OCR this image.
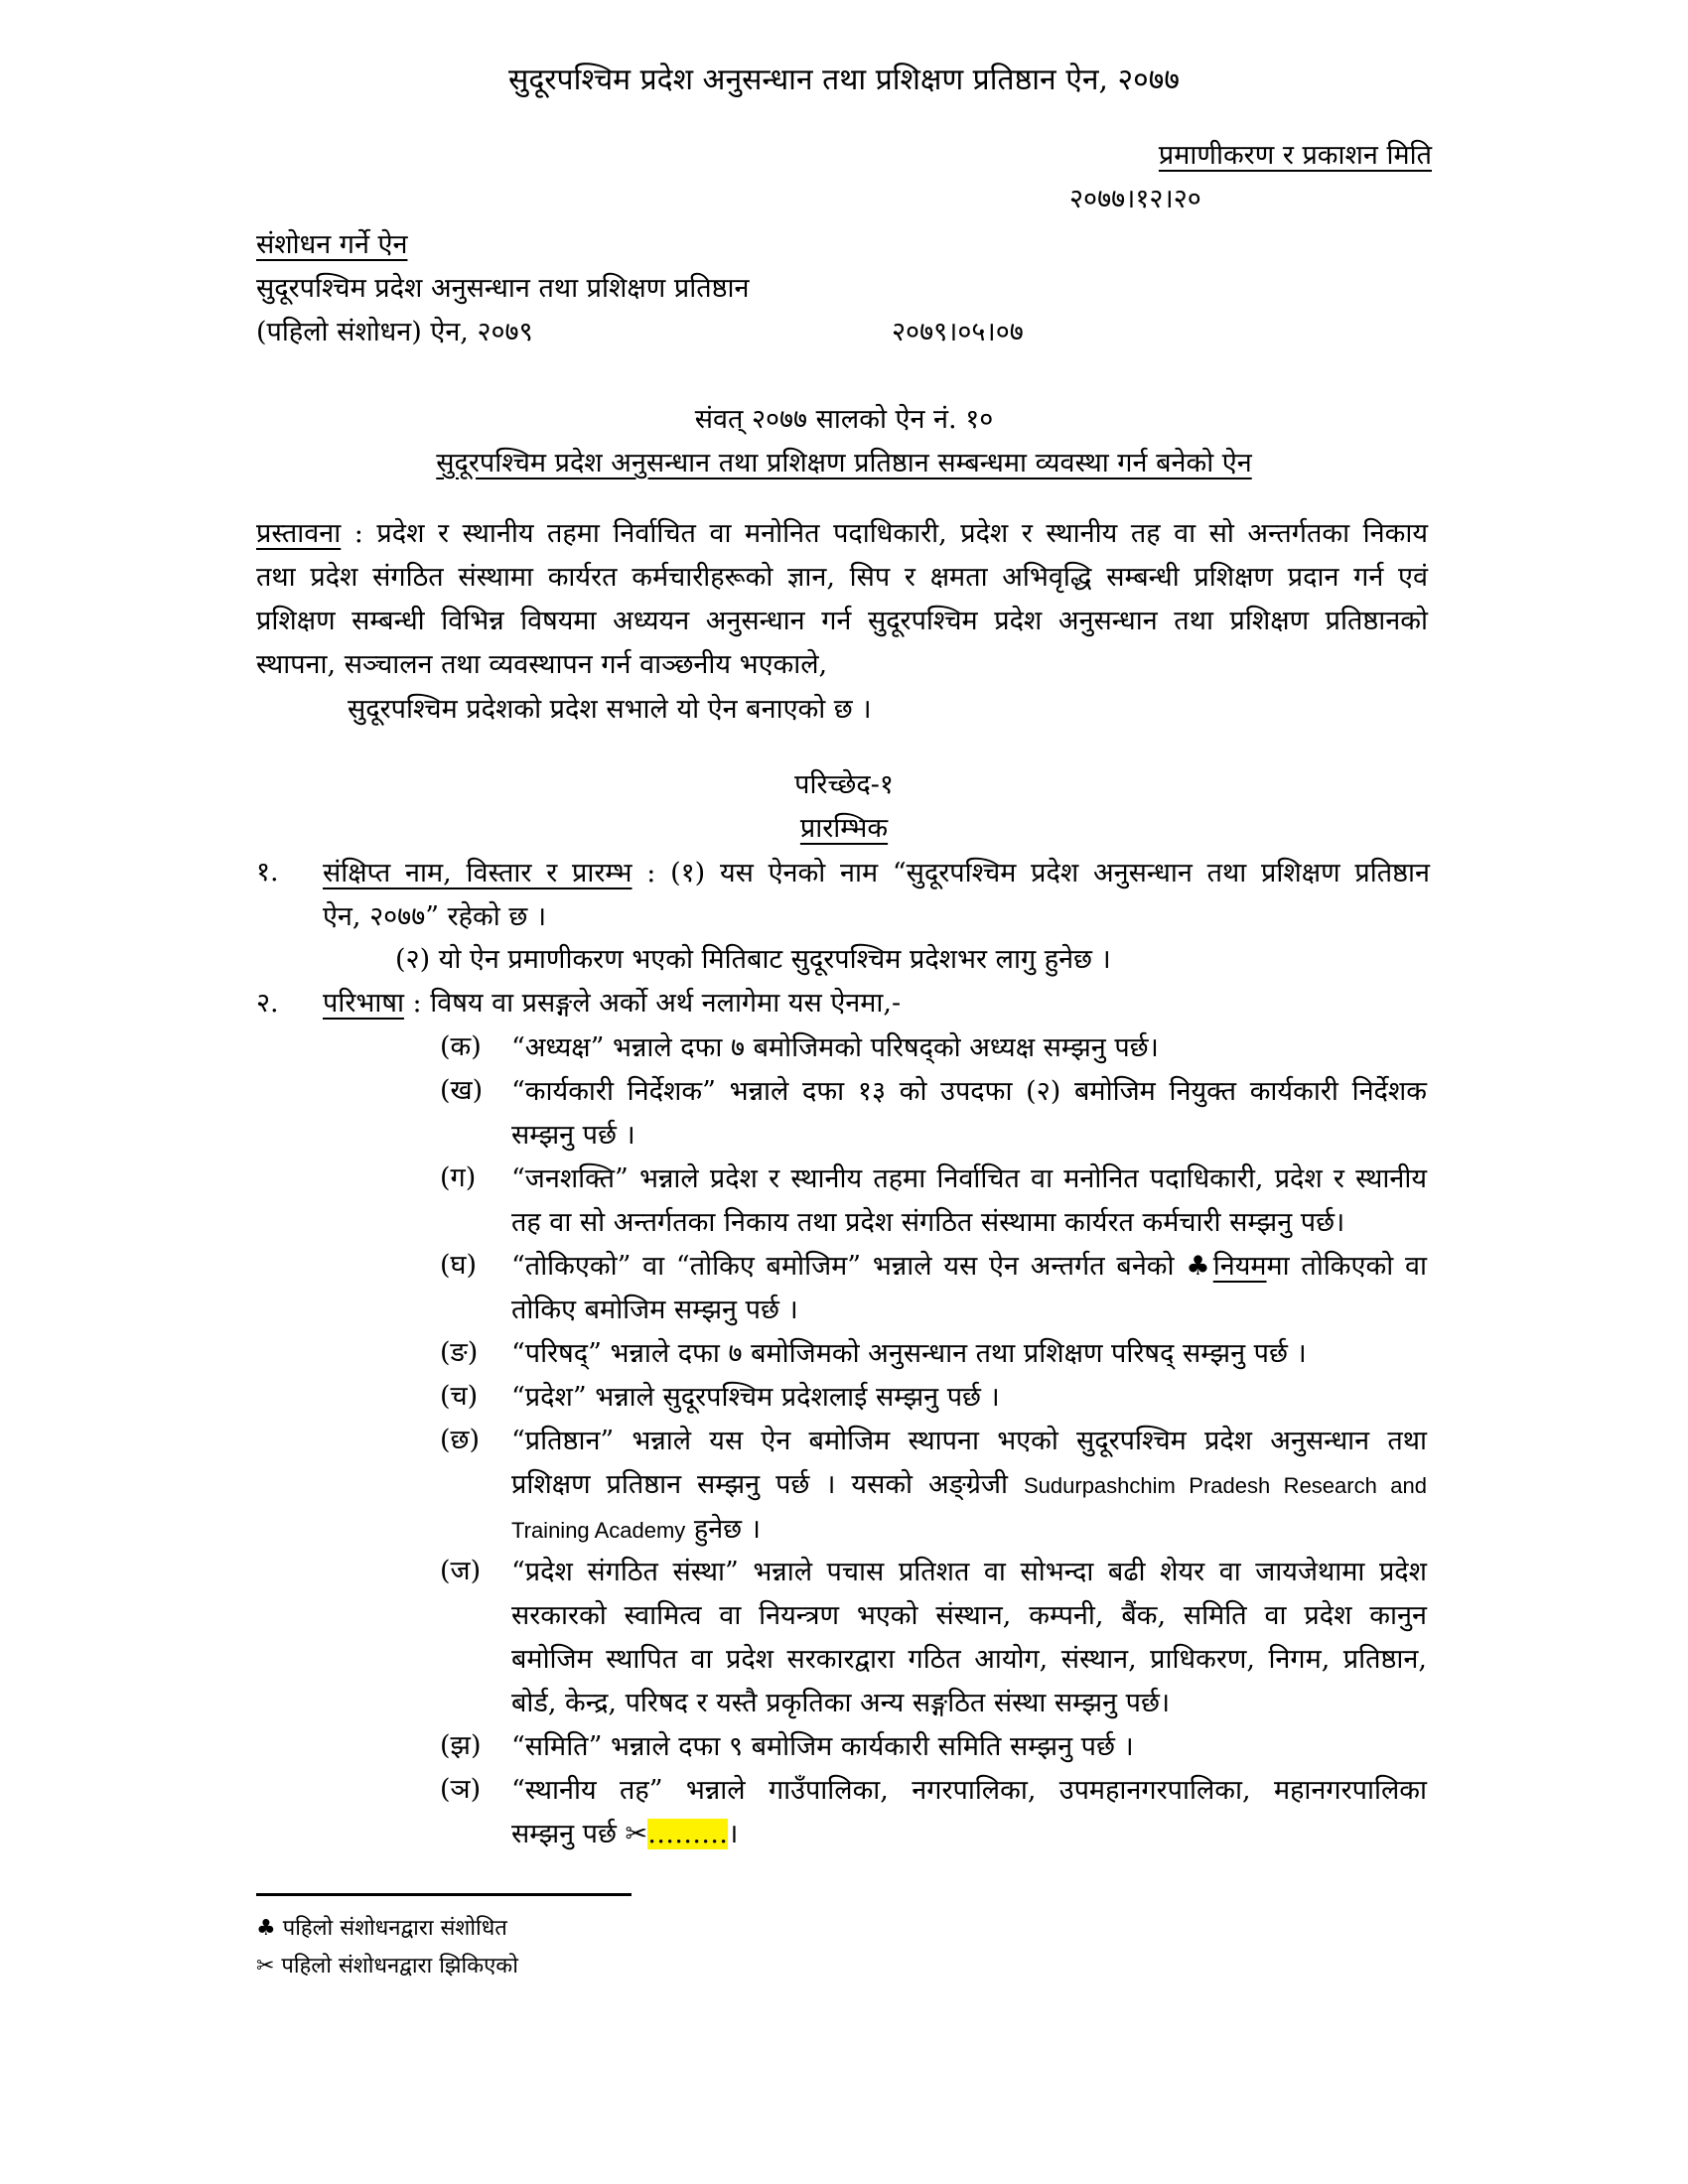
सुदूरपश्चिम प्रदेश अनुसन्धान तथा प्रशिक्षण प्रतिष्ठान ऐन, २०७७
प्रमाणीकरण र प्रकाशन मिति
२०७७।१२।२०
संशोधन गर्ने ऐन
सुदूरपश्चिम प्रदेश अनुसन्धान तथा प्रशिक्षण प्रतिष्ठान
(पहिलो संशोधन) ऐन, २०७९	२०७९।०५।०७
संवत् २०७७ सालको ऐन नं. १०
सुदूरपश्चिम प्रदेश अनुसन्धान तथा प्रशिक्षण प्रतिष्ठान सम्बन्धमा व्यवस्था गर्न बनेको ऐन
प्रस्तावना : प्रदेश र स्थानीय तहमा निर्वाचित वा मनोनित पदाधिकारी, प्रदेश र स्थानीय तह वा सो अन्तर्गतका निकाय
तथा प्रदेश संगठित संस्थामा कार्यरत कर्मचारीहरूको ज्ञान, सिप र क्षमता अभिवृद्धि सम्बन्धी प्रशिक्षण प्रदान गर्न एवं
प्रशिक्षण सम्बन्धी विभिन्न विषयमा अध्ययन अनुसन्धान गर्न सुदूरपश्चिम प्रदेश अनुसन्धान तथा प्रशिक्षण प्रतिष्ठानको
स्थापना, सञ्चालन तथा व्यवस्थापन गर्न वाञ्छनीय भएकाले,
सुदूरपश्चिम प्रदेशको प्रदेश सभाले यो ऐन बनाएको छ ।
परिच्छेद-१
प्रारम्भिक
१. संक्षिप्त नाम, विस्तार र प्रारम्भ : (१) यस ऐनको नाम “सुदूरपश्चिम प्रदेश अनुसन्धान तथा प्रशिक्षण प्रतिष्ठान
ऐन, २०७७” रहेको छ ।
(२) यो ऐन प्रमाणीकरण भएको मितिबाट सुदूरपश्चिम प्रदेशभर लागु हुनेछ ।
२. परिभाषा : विषय वा प्रसङ्गले अर्को अर्थ नलागेमा यस ऐनमा,-
(क) “अध्यक्ष” भन्नाले दफा ७ बमोजिमको परिषद्‌को अध्यक्ष सम्झनु पर्छ।
(ख) “कार्यकारी निर्देशक” भन्नाले दफा १३ को उपदफा (२) बमोजिम नियुक्त कार्यकारी निर्देशक
सम्झनु पर्छ ।
(ग) “जनशक्ति” भन्नाले प्रदेश र स्थानीय तहमा निर्वाचित वा मनोनित पदाधिकारी, प्रदेश र स्थानीय
तह वा सो अन्तर्गतका निकाय तथा प्रदेश संगठित संस्थामा कार्यरत कर्मचारी सम्झनु पर्छ।
(घ) “तोकिएको” वा “तोकिए बमोजिम” भन्नाले यस ऐन अन्तर्गत बनेको ♣नियममा तोकिएको वा
तोकिए बमोजिम सम्झनु पर्छ ।
(ङ) “परिषद्” भन्नाले दफा ७ बमोजिमको अनुसन्धान तथा प्रशिक्षण परिषद् सम्झनु पर्छ ।
(च) “प्रदेश” भन्नाले सुदूरपश्चिम प्रदेशलाई सम्झनु पर्छ ।
(छ) “प्रतिष्ठान” भन्नाले यस ऐन बमोजिम स्थापना भएको सुदूरपश्चिम प्रदेश अनुसन्धान तथा
प्रशिक्षण प्रतिष्ठान सम्झनु पर्छ । यसको अङ्ग्रेजी Sudurpashchim Pradesh Research and
Training Academy हुनेछ ।
(ज) “प्रदेश संगठित संस्था” भन्नाले पचास प्रतिशत वा सोभन्दा बढी शेयर वा जायजेथामा प्रदेश
सरकारको स्वामित्व वा नियन्त्रण भएको संस्थान, कम्पनी, बैंक, समिति वा प्रदेश कानुन
बमोजिम स्थापित वा प्रदेश सरकारद्वारा गठित आयोग, संस्थान, प्राधिकरण, निगम, प्रतिष्ठान,
बोर्ड, केन्द्र, परिषद र यस्तै प्रकृतिका अन्य सङ्गठित संस्था सम्झनु पर्छ।
(झ) “समिति” भन्नाले दफा ९ बमोजिम कार्यकारी समिति सम्झनु पर्छ ।
(ञ) “स्थानीय तह” भन्नाले गाउँपालिका, नगरपालिका, उपमहानगरपालिका, महानगरपालिका
सम्झनु पर्छ ✂………।
♣ पहिलो संशोधनद्वारा संशोधित
✂ पहिलो संशोधनद्वारा झिकिएको
